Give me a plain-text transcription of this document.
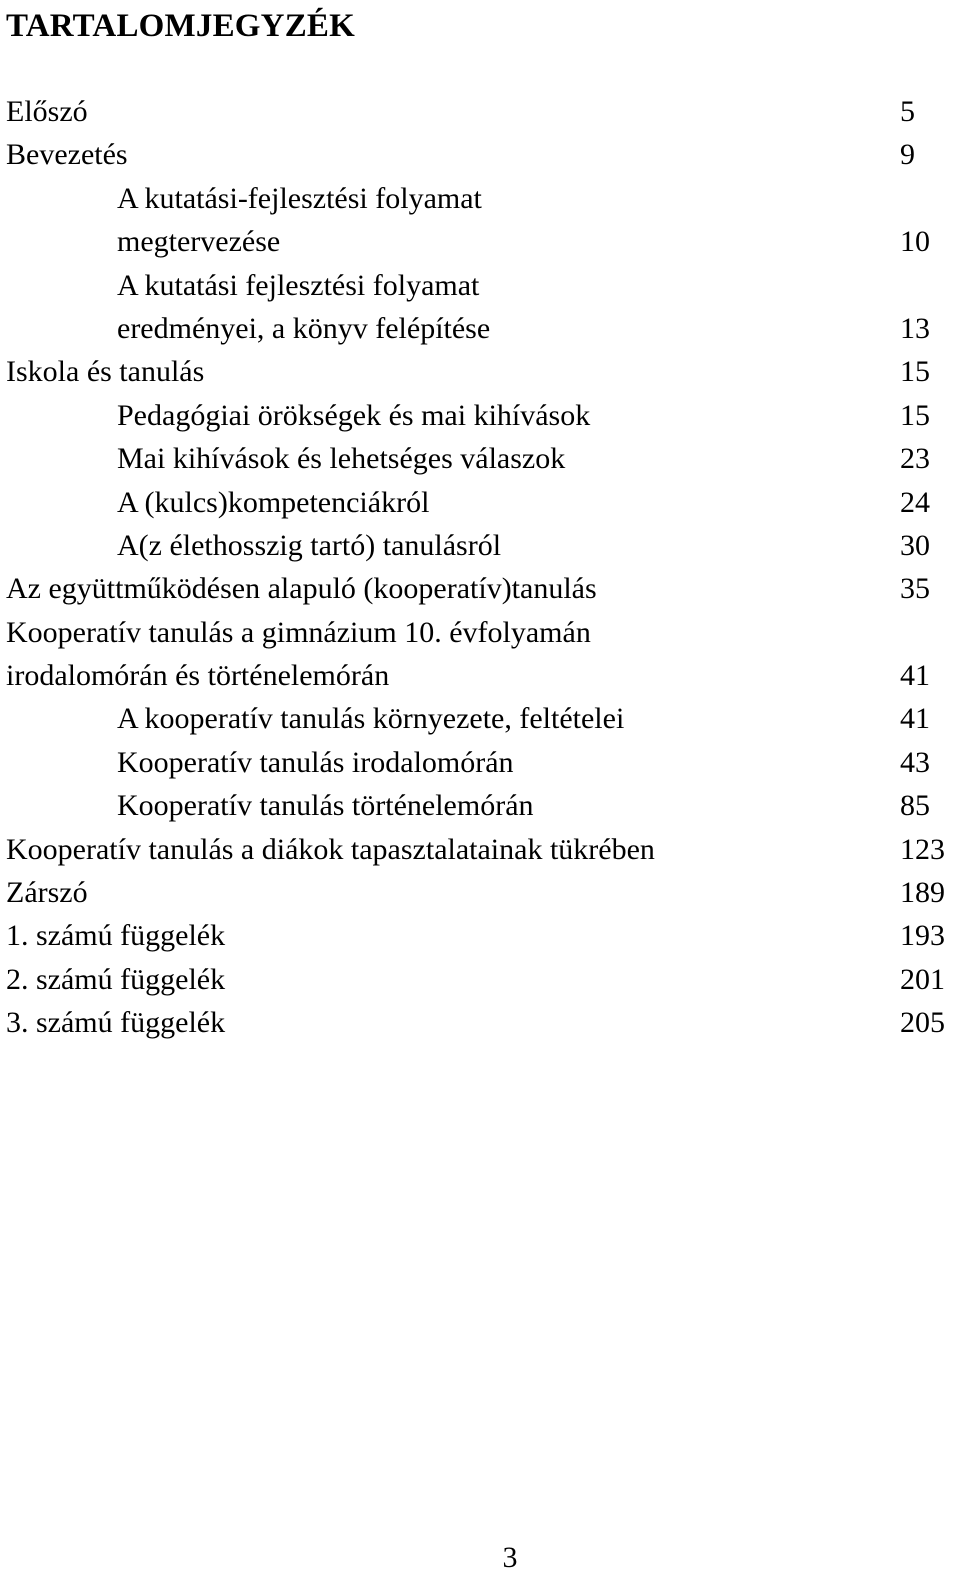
TARTALOMJEGYZÉK
Előszó	5
Bevezetés	9
A kutatási-fejlesztési folyamat
megtervezése	10
A kutatási fejlesztési folyamat
eredményei, a könyv felépítése	13
Iskola és tanulás	15
Pedagógiai örökségek és mai kihívások	15
Mai kihívások és lehetséges válaszok	23
A (kulcs)kompetenciákról	24
A(z élethosszig tartó) tanulásról	30
Az együttműködésen alapuló (kooperatív)tanulás	35
Kooperatív tanulás a gimnázium 10. évfolyamán
irodalomórán és történelemórán	41
A kooperatív tanulás környezete, feltételei	41
Kooperatív tanulás irodalomórán	43
Kooperatív tanulás történelemórán	85
Kooperatív tanulás a diákok tapasztalatainak tükrében	123
Zárszó	189
1. számú függelék	193
2. számú függelék	201
3. számú függelék	205
3
